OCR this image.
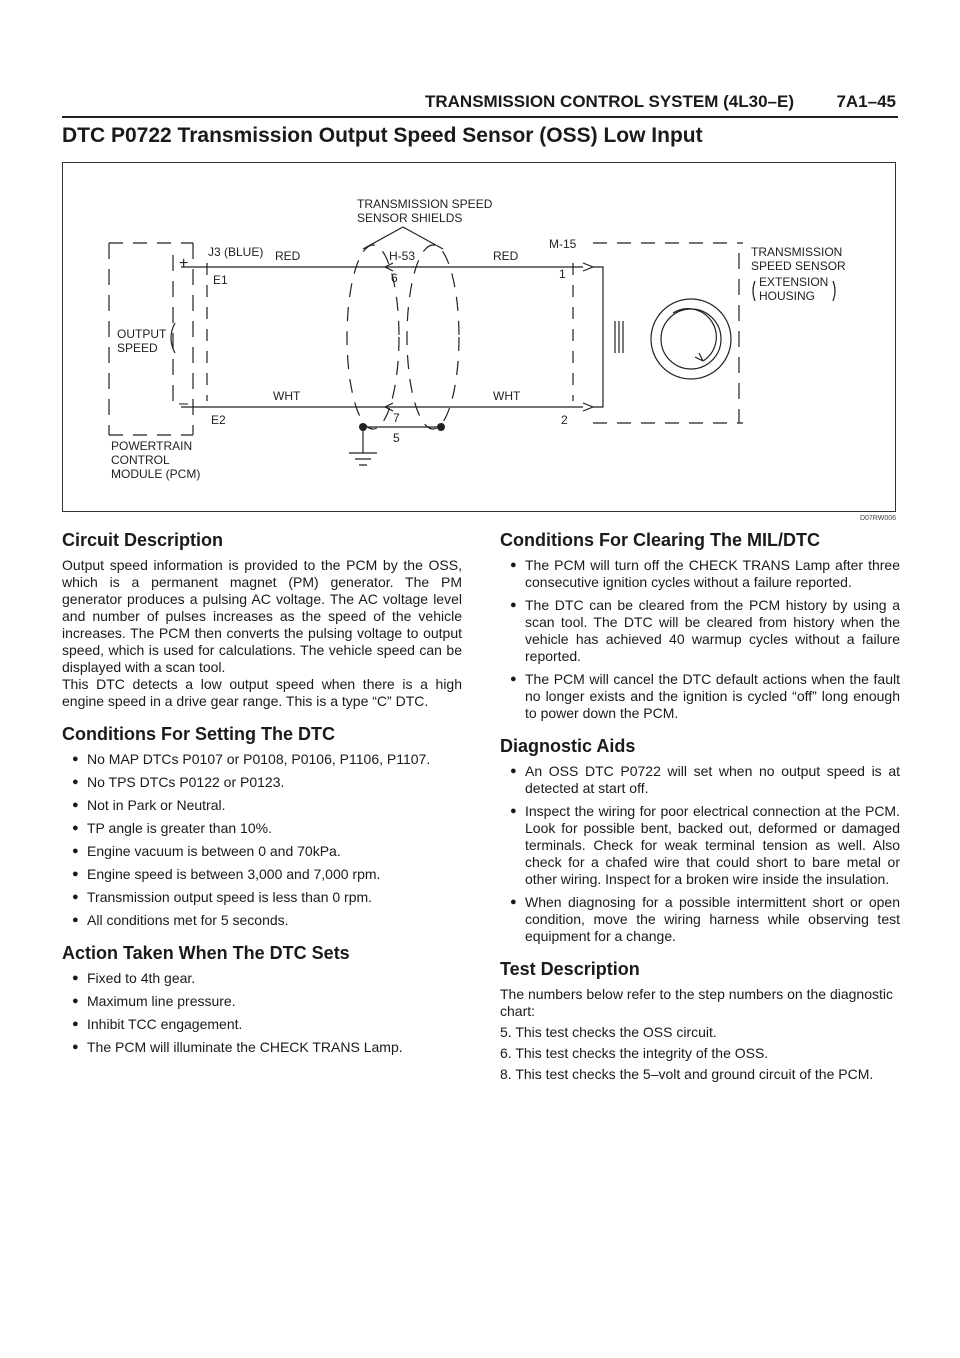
TRANSMISSION CONTROL SYSTEM (4L30–E) 7A1–45
DTC P0722 Transmission Output Speed Sensor (OSS) Low Input
TRANSMISSION SPEED
SENSOR SHIELDS
J3 (BLUE) RED	H-53	RED
M-15
TRANSMISSION
SPEED SENSOR
EXTENSION
HOUSING
+
E1	6	1
OUTPUT
SPEED
WHT	WHT
–
E2	7	2
5
POWERTRAIN
CONTROL
MODULE (PCM)
D07RW006
Circuit Description

Output speed information is provided to the PCM by the OSS, which is a permanent magnet (PM) generator. The PM generator produces a pulsing AC voltage. The AC voltage level and number of pulses increases as the speed of the vehicle increases. The PCM then converts the pulsing voltage to output speed, which is used for calculations. The vehicle speed can be displayed with a scan tool.

This DTC detects a low output speed when there is a high engine speed in a drive gear range. This is a type “C” DTC.

Conditions For Setting The DTC
● No MAP DTCs P0107 or P0108, P0106, P1106, P1107.
● No TPS DTCs P0122 or P0123.
● Not in Park or Neutral.
● TP angle is greater than 10%.
● Engine vacuum is between 0 and 70kPa.
● Engine speed is between 3,000 and 7,000 rpm.
● Transmission output speed is less than 0 rpm.
● All conditions met for 5 seconds.
Action Taken When The DTC Sets
● Fixed to 4th gear.
● Maximum line pressure.
● Inhibit TCC engagement.
● The PCM will illuminate the CHECK TRANS Lamp.
Conditions For Clearing The MIL/DTC
● The PCM will turn off the CHECK TRANS Lamp after three consecutive ignition cycles without a failure reported.
● The DTC can be cleared from the PCM history by using a scan tool. The DTC will be cleared from history when the vehicle has achieved 40 warmup cycles without a failure reported.
● The PCM will cancel the DTC default actions when the fault no longer exists and the ignition is cycled “off” long enough to power down the PCM.
Diagnostic Aids
● An OSS DTC P0722 will set when no output speed is at detected at start off.
● Inspect the wiring for poor electrical connection at the PCM. Look for possible bent, backed out, deformed or damaged terminals. Check for weak terminal tension as well. Also check for a chafed wire that could short to bare metal or other wiring. Inspect for a broken wire inside the insulation.
● When diagnosing for a possible intermittent short or open condition, move the wiring harness while observing test equipment for a change.
Test Description

The numbers below refer to the step numbers on the diagnostic chart:

5. This test checks the OSS circuit.

6. This test checks the integrity of the OSS.

8. This test checks the 5–volt and ground circuit of the PCM.
